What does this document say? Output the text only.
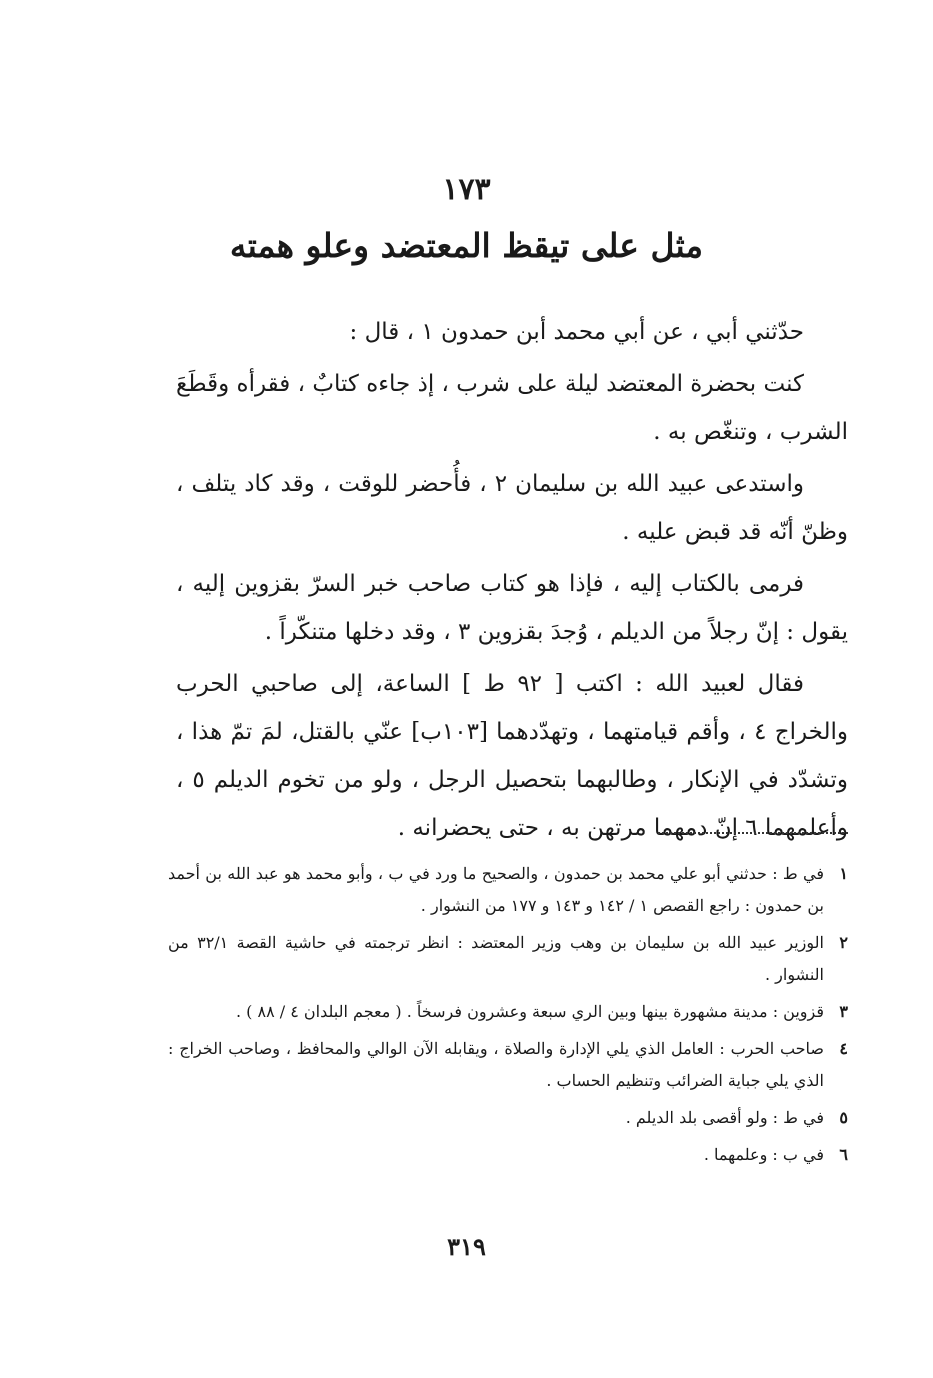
١٧٣
مثل على تيقظ المعتضد وعلو همته

حدّثني أبي ، عن أبي محمد أبن حمدون ١ ، قال :

كنت بحضرة المعتضد ليلة على شرب ، إذ جاءه كتابٌ ، فقرأه وقَطَعَ الشرب ، وتنغّص به .

واستدعى عبيد الله بن سليمان ٢ ، فأُحضر للوقت ، وقد كاد يتلف ، وظنّ أنّه قد قبض عليه .

فرمى بالكتاب إليه ، فإذا هو كتاب صاحب خبر السرّ بقزوين إليه ، يقول : إنّ رجلاً من الديلم ، وُجدَ بقزوين ٣ ، وقد دخلها متنكّراً .

فقال لعبيد الله : اكتب [ ٩٢ ط ] الساعة، إلى صاحبي الحرب والخراج ٤ ، وأقم قيامتهما ، وتهدّدهما [١٠٣ب] عنّي بالقتل، لمَ تمّ هذا ، وتشدّد في الإنكار ، وطالبهما بتحصيل الرجل ، ولو من تخوم الديلم ٥ ، وأعلمهما ٦ إنّ دمهما مرتهن به ، حتى يحضرانه .

١
في ط : حدثني أبو علي محمد بن حمدون ، والصحيح ما ورد في ب ، وأبو محمد هو عبد الله بن أحمد بن حمدون : راجع القصص ١ / ١٤٢ و ١٤٣ و ١٧٧ من النشوار .
٢
الوزير عبيد الله بن سليمان بن وهب وزير المعتضد : انظر ترجمته في حاشية القصة ٣٢/١ من النشوار .
٣
قزوين : مدينة مشهورة بينها وبين الري سبعة وعشرون فرسخاً . ( معجم البلدان ٤ / ٨٨ ) .
٤
صاحب الحرب : العامل الذي يلي الإدارة والصلاة ، ويقابله الآن الوالي والمحافظ ، وصاحب الخراج : الذي يلي جباية الضرائب وتنظيم الحساب .
٥
في ط : ولو أقصى بلد الديلم .
٦
في ب : وعلمهما .
٣١٩
